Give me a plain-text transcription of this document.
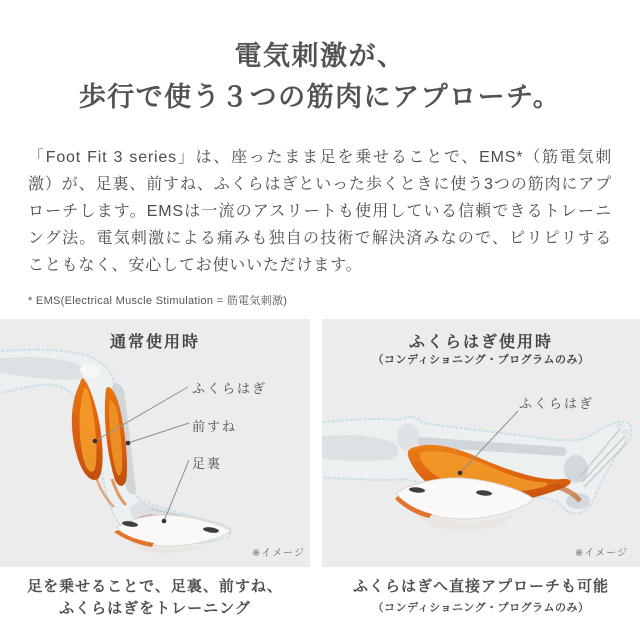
電気刺激が、
歩行で使う３つの筋肉にアプローチ。

「Foot Fit 3 series」は、座ったまま足を乗せることで、EMS*（筋電気刺激）が、足裏、前すね、ふくらはぎといった歩くときに使う3つの筋肉にアプローチします。EMSは一流のアスリートも使用している信頼できるトレーニング法。電気刺激による痛みも独自の技術で解決済みなので、ピリピリすることもなく、安心してお使いいただけます。

* EMS(Electrical Muscle Stimulation = 筋電気刺激)

通常使用時
ふくらはぎ
前すね
足裏
※イメージ
ふくらはぎ使用時
（コンディショニング・プログラムのみ）
ふくらはぎ
※イメージ
足を乗せることで、足裏、前すね、
ふくらはぎをトレーニング
ふくらはぎへ直接アプローチも可能
（コンディショニング・プログラムのみ）
